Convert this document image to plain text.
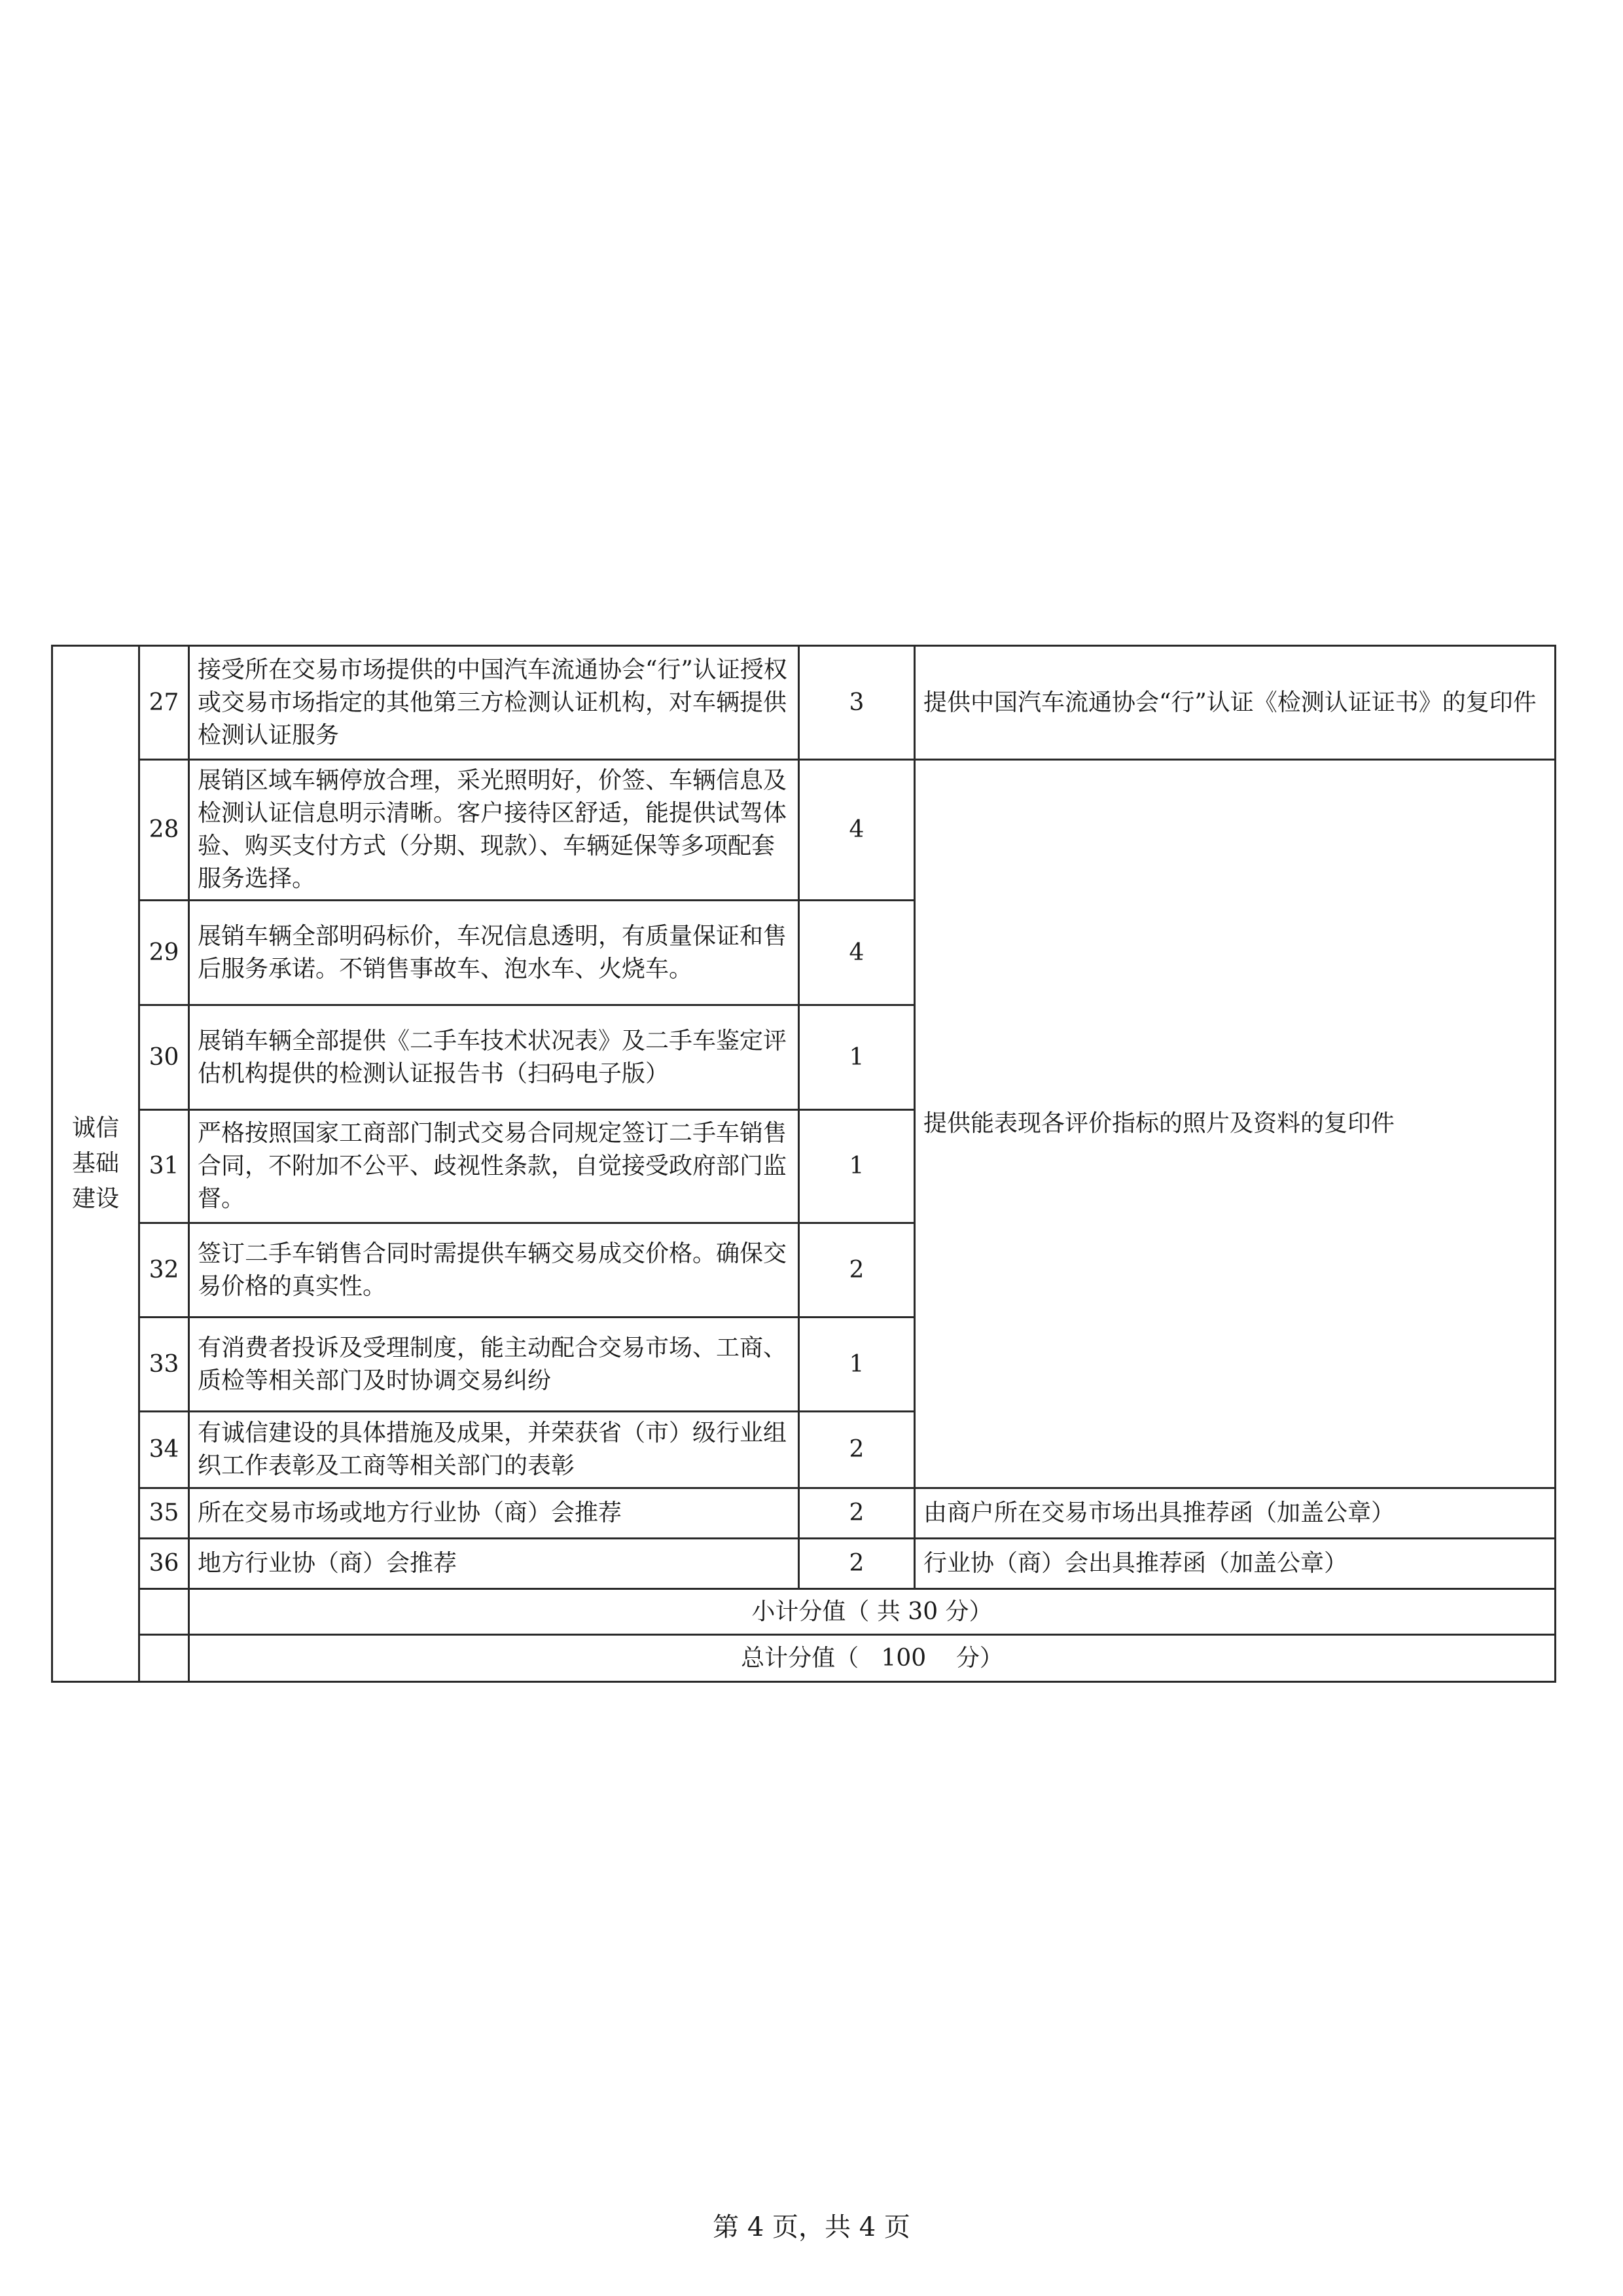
诚信基础建设	27	接受所在交易市场提供的中国汽车流通协会“行”认证授权或交易市场指定的其他第三方检测认证机构，对车辆提供检测认证服务	3	提供中国汽车流通协会“行”认证《检测认证证书》的复印件
	28	展销区域车辆停放合理，采光照明好，价签、车辆信息及检测认证信息明示清晰。客户接待区舒适，能提供试驾体验、购买支付方式（分期、现款）、车辆延保等多项配套服务选择。	4	提供能表现各评价指标的照片及资料的复印件
	29	展销车辆全部明码标价，车况信息透明，有质量保证和售后服务承诺。不销售事故车、泡水车、火烧车。	4	
	30	展销车辆全部提供《二手车技术状况表》及二手车鉴定评估机构提供的检测认证报告书（扫码电子版）	1	
	31	严格按照国家工商部门制式交易合同规定签订二手车销售合同，不附加不公平、歧视性条款，自觉接受政府部门监督。	1	
	32	签订二手车销售合同时需提供车辆交易成交价格。确保交易价格的真实性。	2	
	33	有消费者投诉及受理制度，能主动配合交易市场、工商、质检等相关部门及时协调交易纠纷	1	
	34	有诚信建设的具体措施及成果，并荣获省（市）级行业组织工作表彰及工商等相关部门的表彰	2	
	35	所在交易市场或地方行业协（商）会推荐	2	由商户所在交易市场出具推荐函（加盖公章）
	36	地方行业协（商）会推荐	2	行业协（商）会出具推荐函（加盖公章）
		小计分值（ 共 30 分）		
		总计分值（   100    分）		
第 4 页，共 4 页
